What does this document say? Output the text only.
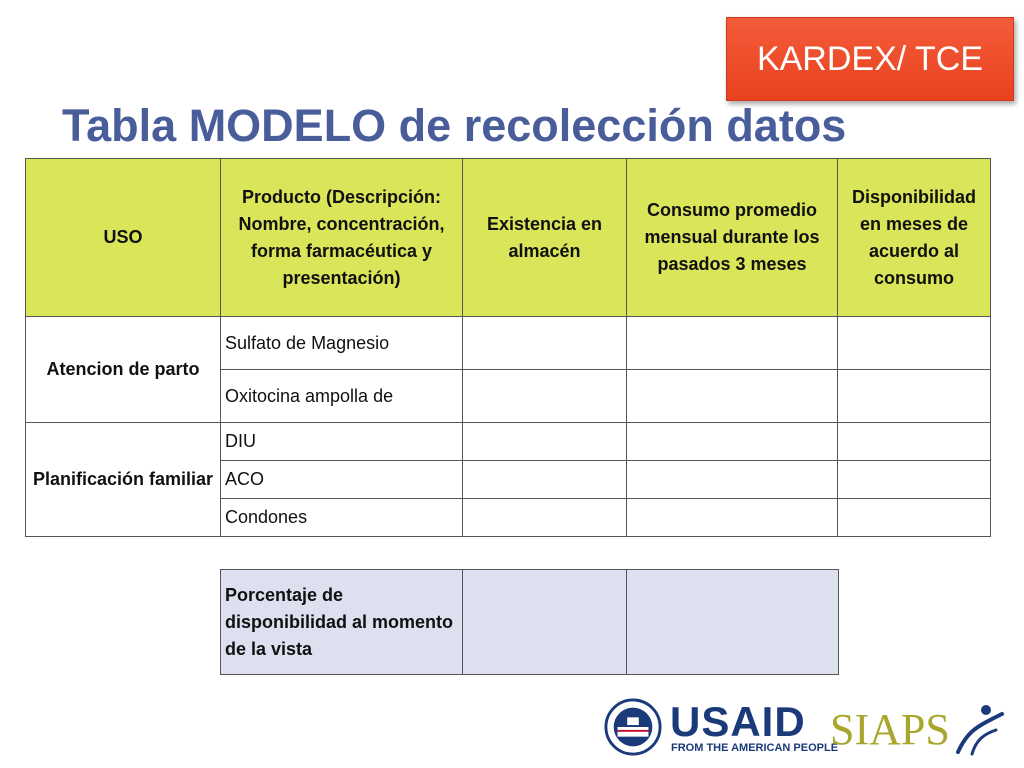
KARDEX/ TCE
Tabla MODELO de recolección datos
USO	Producto (Descripción: Nombre, concentración, forma farmacéutica y presentación)	Existencia en almacén	Consumo promedio mensual durante los pasados 3 meses	Disponibilidad en meses de acuerdo al consumo
Atencion de parto	Sulfato de Magnesio			
	Oxitocina ampolla de			
Planificación familiar	DIU			
	ACO			
	Condones			
Porcentaje de disponibilidad al momento de la vista		
USAID
FROM THE AMERICAN PEOPLE
SIAPS
